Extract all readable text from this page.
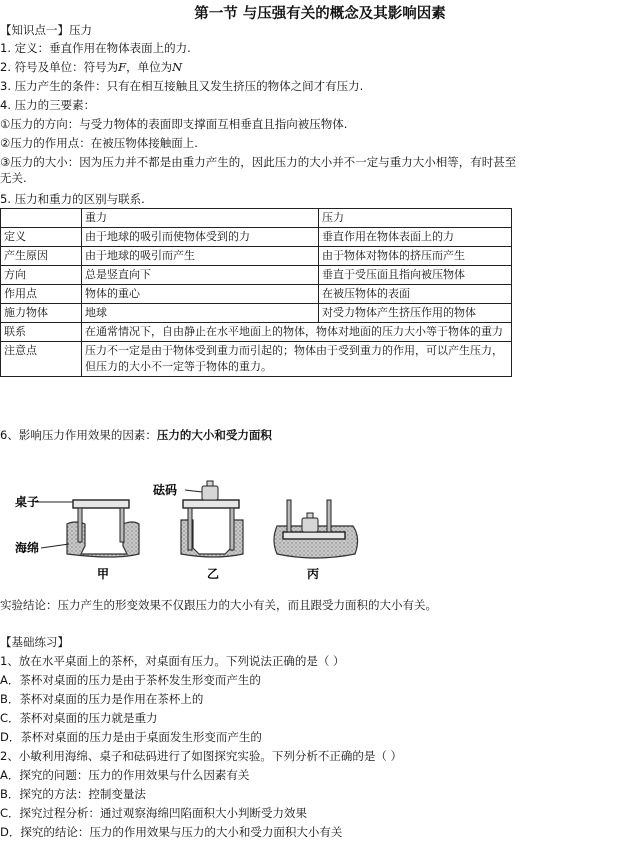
第一节 与压强有关的概念及其影响因素
【知识点一】压力
1. 定义：垂直作用在物体表面上的力.
2. 符号及单位：符号为F，单位为N
3. 压力产生的条件：只有在相互接触且又发生挤压的物体之间才有压力.
4. 压力的三要素：
①压力的方向：与受力物体的表面即支撑面互相垂直且指向被压物体.
②压力的作用点：在被压物体接触面上.
③压力的大小：因为压力并不都是由重力产生的，因此压力的大小并不一定与重力大小相等，有时甚至无关.
5. 压力和重力的区别与联系.
	重力	压力
定义	由于地球的吸引而使物体受到的力	垂直作用在物体表面上的力
产生原因	由于地球的吸引而产生	由于物体对物体的挤压而产生
方向	总是竖直向下	垂直于受压面且指向被压物体
作用点	物体的重心	在被压物体的表面
施力物体	地球	对受力物体产生挤压作用的物体
联系	在通常情况下，自由静止在水平地面上的物体，物体对地面的压力大小等于物体的重力	
注意点	压力不一定是由于物体受到重力而引起的；物体由于受到重力的作用，可以产生压力，但压力的大小不一定等于物体的重力。	
6、影响压力作用效果的因素：压力的大小和受力面积
桌子
海绵
甲
砝码
乙	丙
实验结论：压力产生的形变效果不仅跟压力的大小有关，而且跟受力面积的大小有关。
【基础练习】
1、放在水平桌面上的茶杯，对桌面有压力。下列说法正确的是（ ）
A．茶杯对桌面的压力是由于茶杯发生形变而产生的
B．茶杯对桌面的压力是作用在茶杯上的
C．茶杯对桌面的压力就是重力
D．茶杯对桌面的压力是由于桌面发生形变而产生的
2、小敏利用海绵、桌子和砝码进行了如图探究实验。下列分析不正确的是（ ）
A．探究的问题：压力的作用效果与什么因素有关
B．探究的方法：控制变量法
C．探究过程分析：通过观察海绵凹陷面积大小判断受力效果
D．探究的结论：压力的作用效果与压力的大小和受力面积大小有关
